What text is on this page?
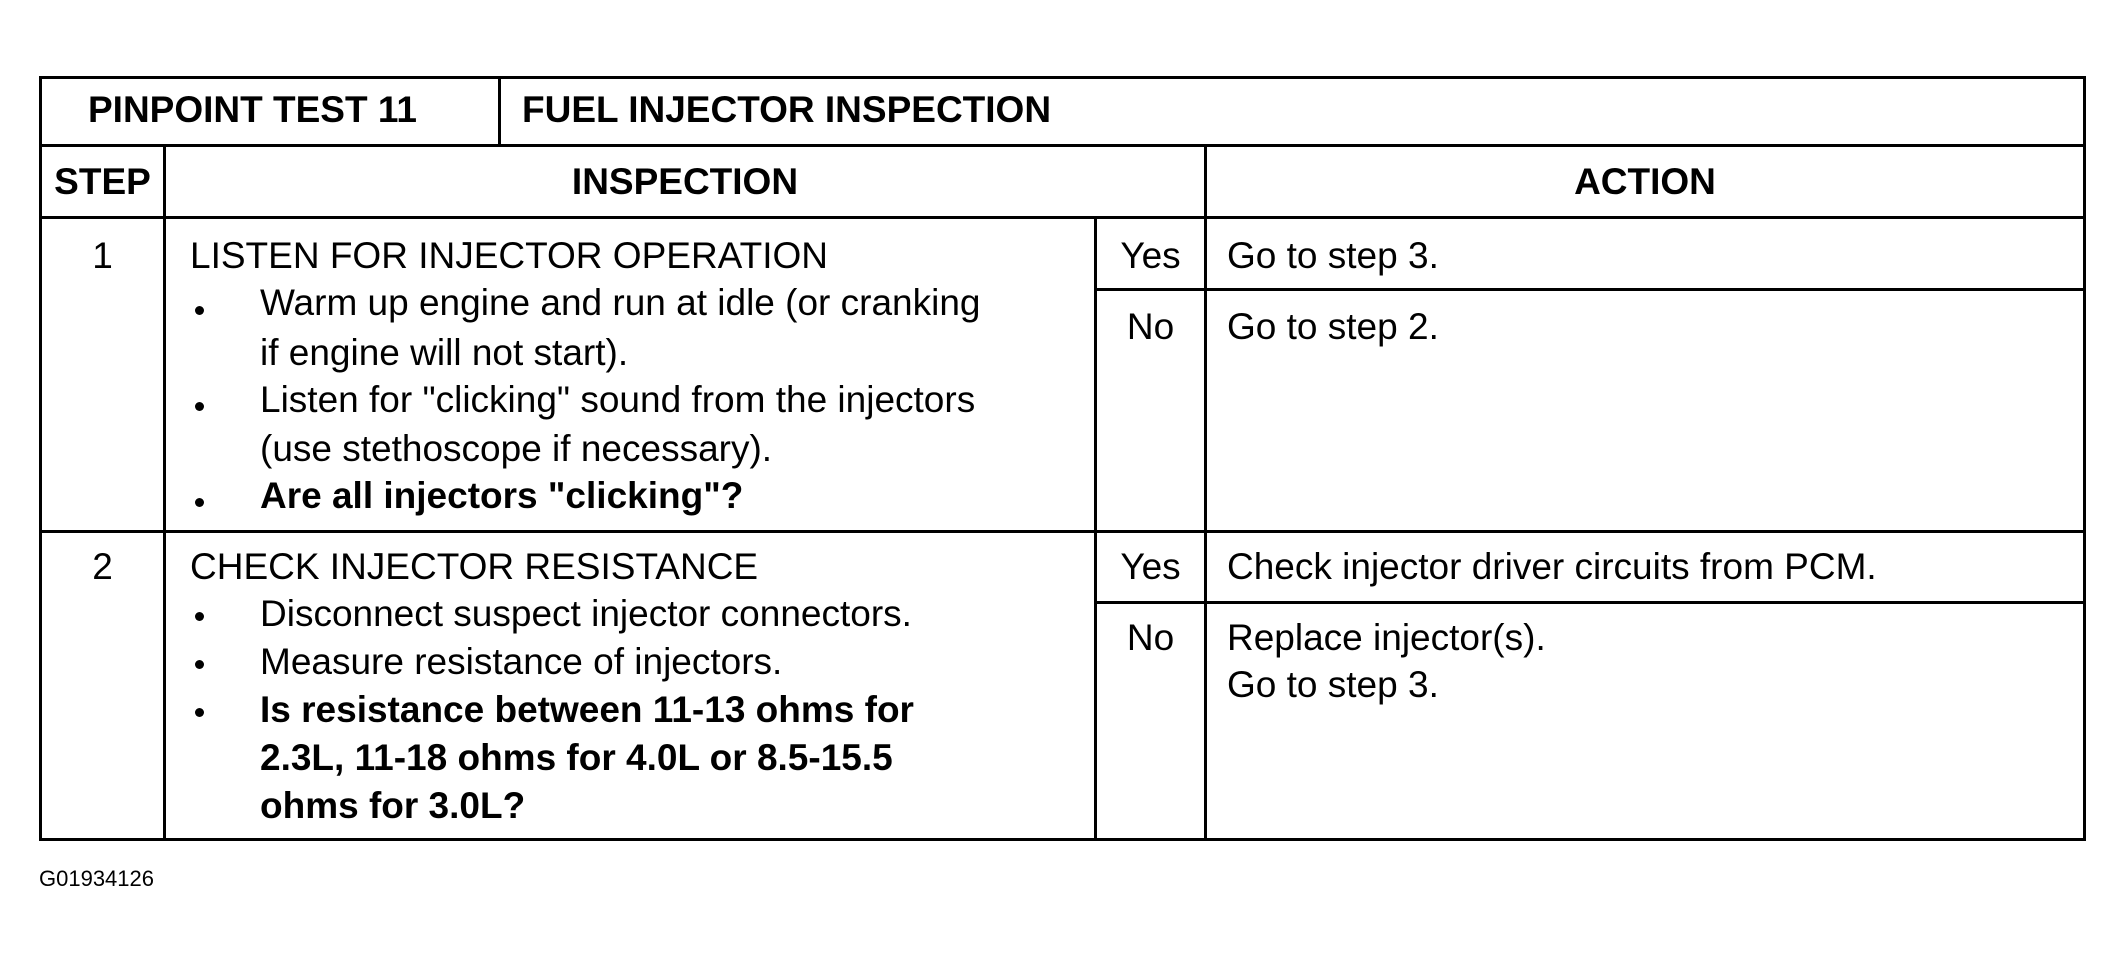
PINPOINT TEST 11	FUEL INJECTOR INSPECTION
STEP	INSPECTION	ACTION
1	LISTEN FOR INJECTOR OPERATION
Warm up engine and run at idle (or cranking
if engine will not start).
Listen for "clicking" sound from the injectors
(use stethoscope if necessary).
Are all injectors "clicking"?
Yes	Go to step 3.
No	Go to step 2.
2	CHECK INJECTOR RESISTANCE
Disconnect suspect injector connectors.
Measure resistance of injectors.
Is resistance between 11-13 ohms for
2.3L, 11-18 ohms for 4.0L or 8.5-15.5
ohms for 3.0L?
Yes	Check injector driver circuits from PCM.
No	Replace injector(s).
Go to step 3.
G01934126
